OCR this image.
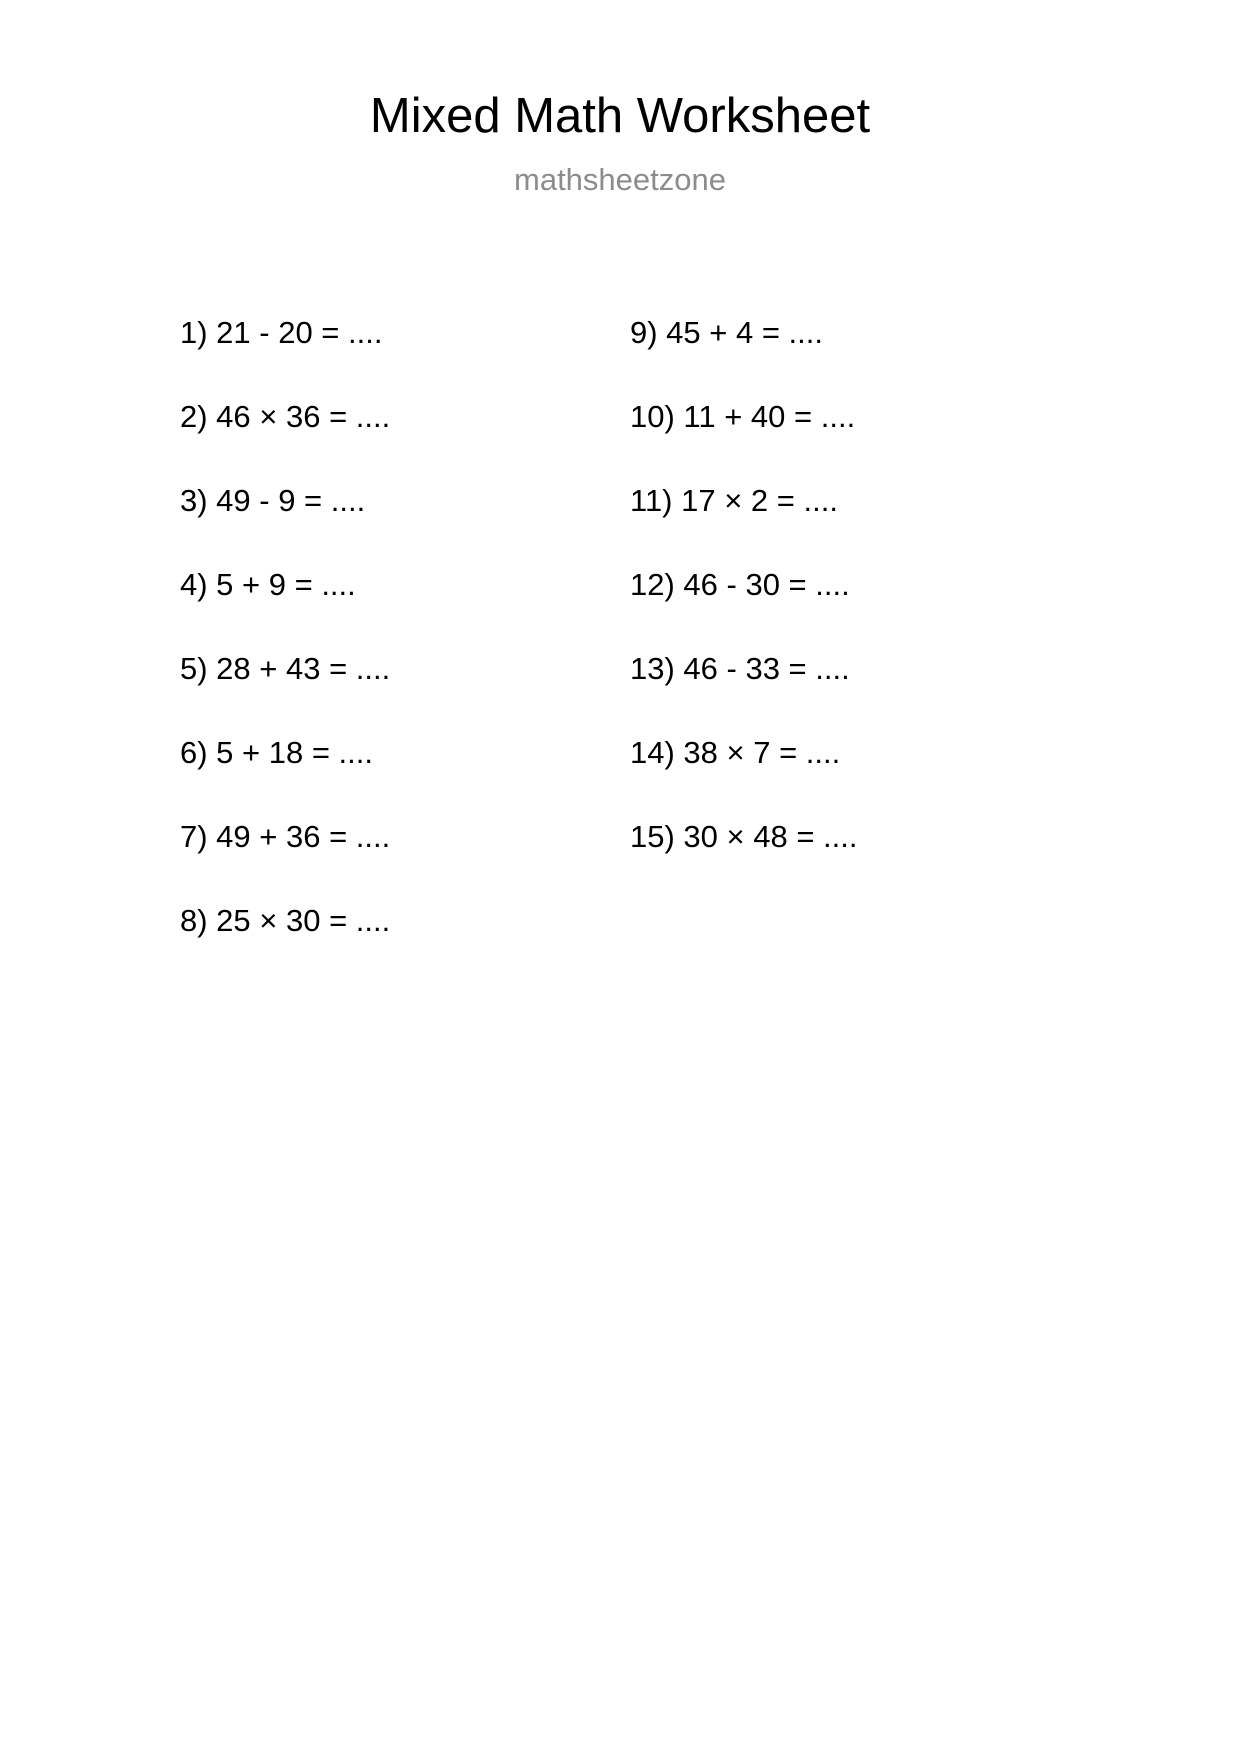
Mixed Math Worksheet
mathsheetzone
1) 21 - 20 = ....
2) 46 × 36 = ....
3) 49 - 9 = ....
4) 5 + 9 = ....
5) 28 + 43 = ....
6) 5 + 18 = ....
7) 49 + 36 = ....
8) 25 × 30 = ....
9) 45 + 4 = ....
10) 11 + 40 = ....
11) 17 × 2 = ....
12) 46 - 30 = ....
13) 46 - 33 = ....
14) 38 × 7 = ....
15) 30 × 48 = ....
